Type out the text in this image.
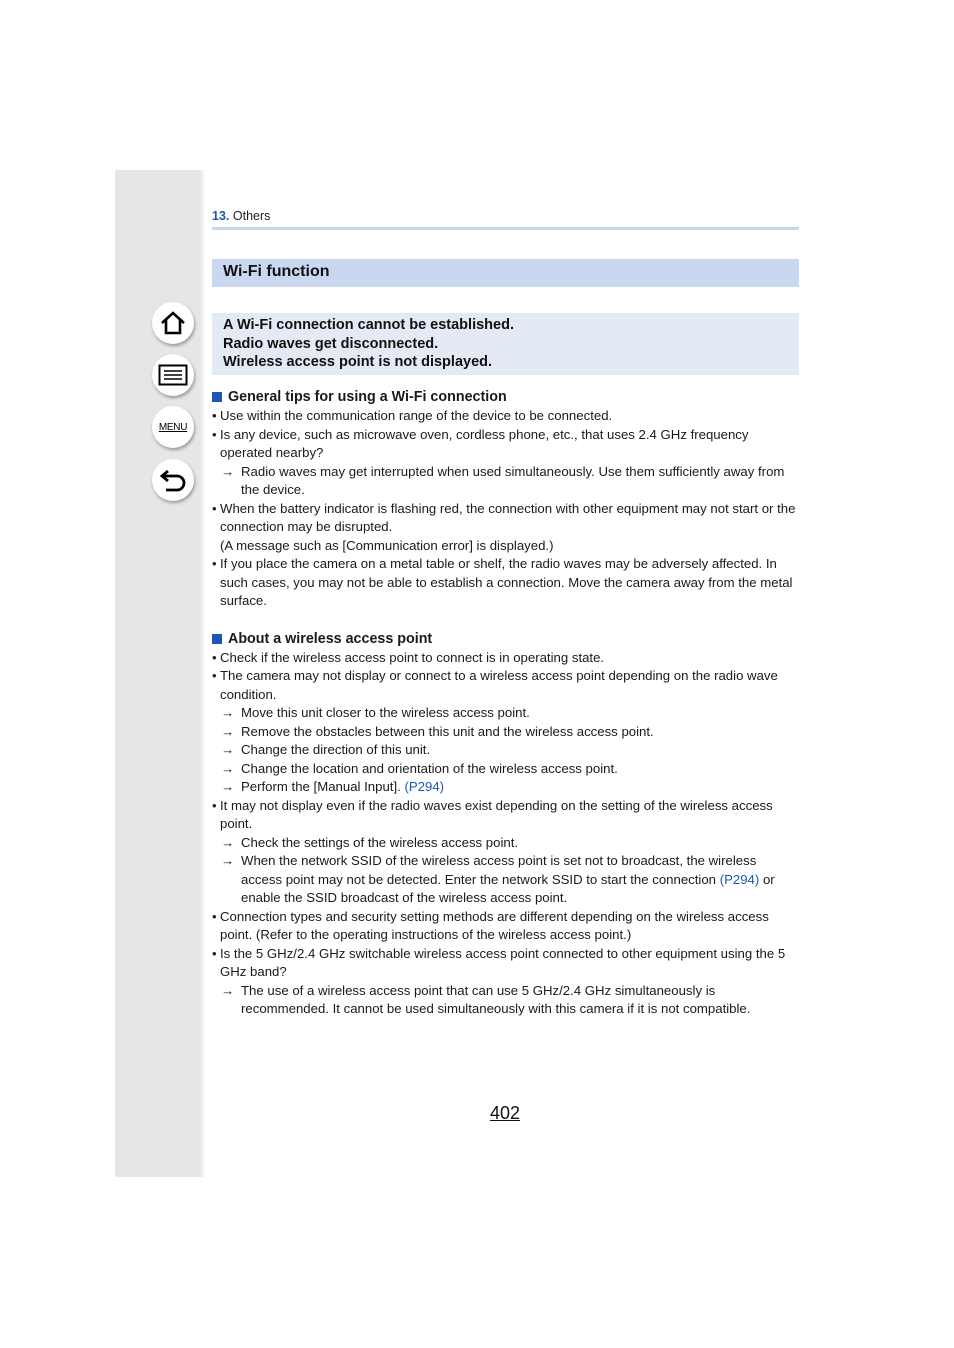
MENU
13. Others
Wi-Fi function
A Wi-Fi connection cannot be established.
Radio waves get disconnected.
Wireless access point is not displayed.
General tips for using a Wi-Fi connection
• Use within the communication range of the device to be connected.
• Is any device, such as microwave oven, cordless phone, etc., that uses 2.4 GHz frequency operated nearby?
→ Radio waves may get interrupted when used simultaneously. Use them sufficiently away from the device.
• When the battery indicator is flashing red, the connection with other equipment may not start or the connection may be disrupted.
(A message such as [Communication error] is displayed.)
• If you place the camera on a metal table or shelf, the radio waves may be adversely affected. In such cases, you may not be able to establish a connection. Move the camera away from the metal surface.
About a wireless access point
• Check if the wireless access point to connect is in operating state.
• The camera may not display or connect to a wireless access point depending on the radio wave condition.
→ Move this unit closer to the wireless access point.
→ Remove the obstacles between this unit and the wireless access point.
→ Change the direction of this unit.
→ Change the location and orientation of the wireless access point.
→ Perform the [Manual Input]. (P294)
• It may not display even if the radio waves exist depending on the setting of the wireless access point.
→ Check the settings of the wireless access point.
→ When the network SSID of the wireless access point is set not to broadcast, the wireless access point may not be detected. Enter the network SSID to start the connection (P294) or enable the SSID broadcast of the wireless access point.
• Connection types and security setting methods are different depending on the wireless access point. (Refer to the operating instructions of the wireless access point.)
• Is the 5 GHz/2.4 GHz switchable wireless access point connected to other equipment using the 5 GHz band?
→ The use of a wireless access point that can use 5 GHz/2.4 GHz simultaneously is recommended. It cannot be used simultaneously with this camera if it is not compatible.
402
